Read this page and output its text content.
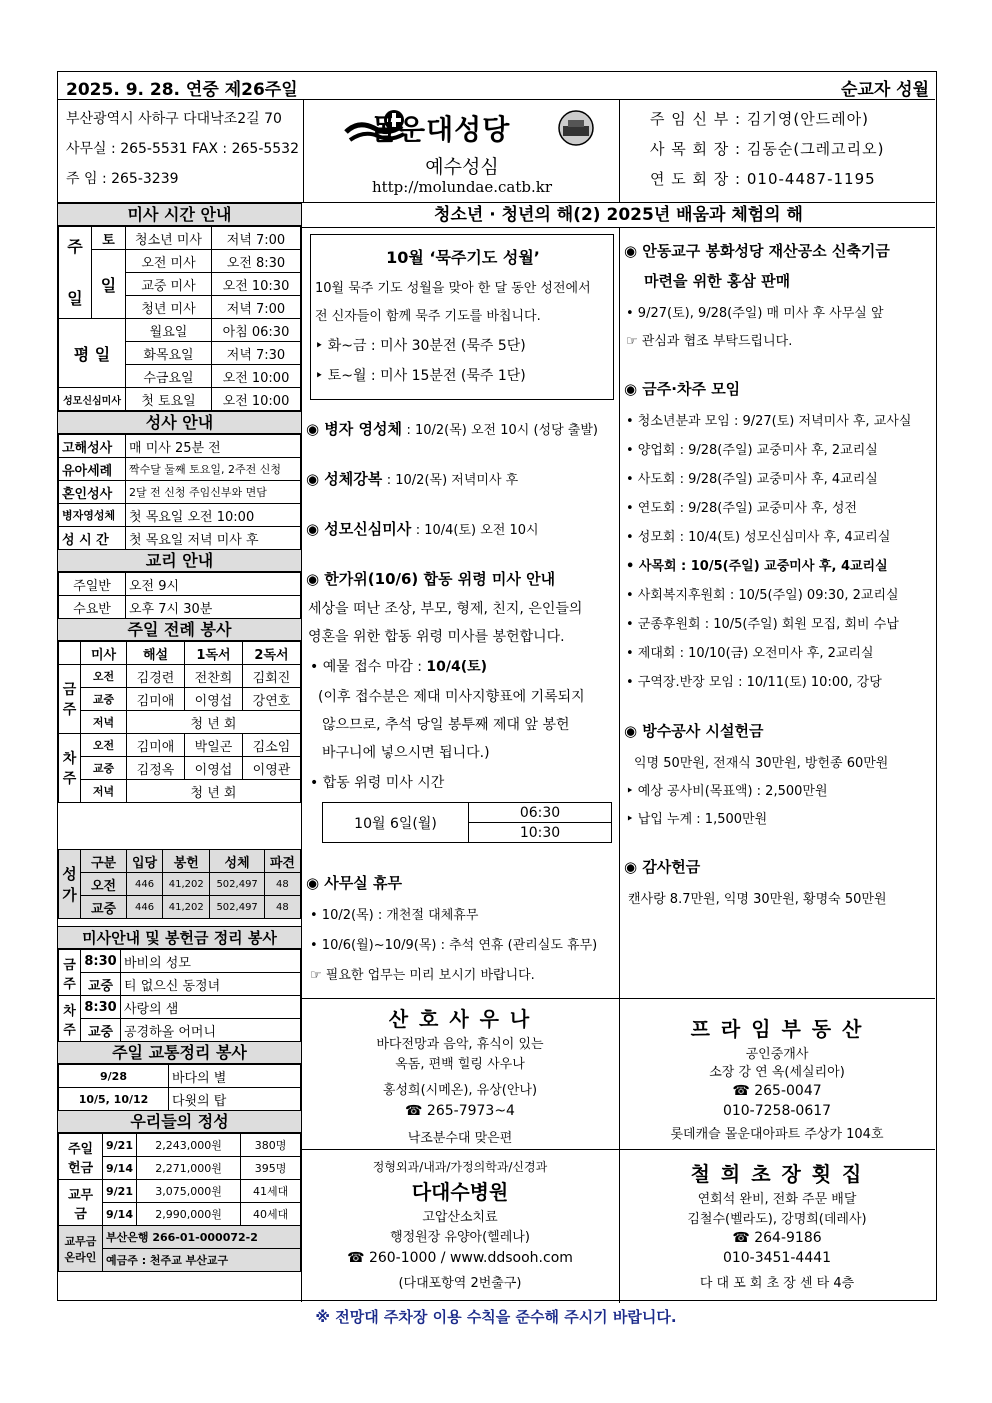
2025. 9. 28. 연중 제26주일	순교자 성월
부산광역시 사하구 다대낙조2길 70
사무실 : 265-5531 FAX : 265-5532
주 임 : 265-3239
몰운대성당
예수성심
http://molundae.catb.kr
주 임 신 부 : 김기영(안드레아)
사 목 회 장 : 김동순(그레고리오)
연 도 회 장 : 010-4487-1195
미사 시간 안내
주

일	토	청소년 미사	저녁 7:00
	일	오전 미사	오전 8:30
		교중 미사	오전 10:30
		청년 미사	저녁 7:00
평 일		월요일	아침 06:30
		화목요일	저녁 7:30
		수금요일	오전 10:00
성모신심미사		첫 토요일	오전 10:00
성사 안내
고해성사	매 미사 25분 전
유아세례	짝수달 둘째 토요일, 2주전 신청
혼인성사	2달 전 신청 주임신부와 면담
병자영성체	첫 목요일 오전 10:00
성 시 간	첫 목요일 저녁 미사 후
교리 안내
주일반	오전 9시
수요반	오후 7시 30분
주일 전례 봉사
	미사	해설	1독서	2독서
금주	오전	김경련	전찬희	김회진
	교중	김미애	이영섭	강연호
	저녁	청 년 회		
차주	오전	김미애	박일곤	김소임
	교중	김정옥	이영섭	이영관
	저녁	청 년 회		
성가	구분	입당	봉헌	성체	파견
	오전	446	41,202	502,497	48
	교중	446	41,202	502,497	48
미사안내 및 봉헌금 정리 봉사
금주	8:30	바비의 성모
	교중	티 없으신 동정녀
차주	8:30	사랑의 샘
	교중	공경하올 어머니
주일 교통정리 봉사
9/28	바다의 별
10/5, 10/12	다윗의 탑
우리들의 정성
주일헌금	9/21	2,243,000원	380명
	9/14	2,271,000원	395명
교무금	9/21	3,075,000원	41세대
	9/14	2,990,000원	40세대
교무금 온라인	부산은행 266-01-000072-2		
	예금주 : 천주교 부산교구		
청소년 · 청년의 해(2) 2025년 배움과 체험의 해
10월 ‘묵주기도 성월’
10월 묵주 기도 성월을 맞아 한 달 동안 성전에서
전 신자들이 함께 묵주 기도를 바칩니다.
‣ 화~금 : 미사 30분전 (묵주 5단)
‣ 토~월 : 미사 15분전 (묵주 1단)
◉ 병자 영성체 : 10/2(목) 오전 10시 (성당 출발)
◉ 성체강복 : 10/2(목) 저녁미사 후
◉ 성모신심미사 : 10/4(토) 오전 10시
◉ 한가위(10/6) 합동 위령 미사 안내
세상을 떠난 조상, 부모, 형제, 친지, 은인들의
영혼을 위한 합동 위령 미사를 봉헌합니다.
• 예물 접수 마감 : 10/4(토)
(이후 접수분은 제대 미사지향표에 기록되지
않으므로, 추석 당일 봉투째 제대 앞 봉헌
바구니에 넣으시면 됩니다.)
• 합동 위령 미사 시간
10월 6일(월)	06:30
10:30
◉ 사무실 휴무
• 10/2(목) : 개천절 대체휴무
• 10/6(월)~10/9(목) : 추석 연휴 (관리실도 휴무)
☞ 필요한 업무는 미리 보시기 바랍니다.
◉ 안동교구 봉화성당 재산공소 신축기금
마련을 위한 홍삼 판매
• 9/27(토), 9/28(주일) 매 미사 후 사무실 앞
☞ 관심과 협조 부탁드립니다.
◉ 금주·차주 모임
• 청소년분과 모임 : 9/27(토) 저녁미사 후, 교사실
• 양업회 : 9/28(주일) 교중미사 후, 2교리실
• 사도회 : 9/28(주일) 교중미사 후, 4교리실
• 연도회 : 9/28(주일) 교중미사 후, 성전
• 성모회 : 10/4(토) 성모신심미사 후, 4교리실
• 사목회 : 10/5(주일) 교중미사 후, 4교리실
• 사회복지후원회 : 10/5(주일) 09:30, 2교리실
• 군종후원회 : 10/5(주일) 회원 모집, 회비 수납
• 제대회 : 10/10(금) 오전미사 후, 2교리실
• 구역장.반장 모임 : 10/11(토) 10:00, 강당
◉ 방수공사 시설헌금
익명 50만원, 전재식 30만원, 방헌종 60만원
‣ 예상 공사비(목표액) : 2,500만원
‣ 납입 누계 : 1,500만원
◉ 감사헌금
캔사랑 8.7만원, 익명 30만원, 황명숙 50만원
산 호 사 우 나
바다전망과 음악, 휴식이 있는
옥돔, 편백 힐링 사우나
홍성희(시메온), 유상(안나)
☎ 265-7973~4
낙조분수대 맞은편
프 라 임 부 동 산
공인중개사
소장 강 연 옥(세실리아)
☎ 265-0047
010-7258-0617
롯데캐슬 몰운대아파트 주상가 104호
정형외과/내과/가정의학과/신경과
다대수병원
고압산소치료
행정원장 유양아(헬레나)
☎ 260-1000 / www.ddsooh.com
(다대포항역 2번출구)
철 희 초 장 횟 집
연회석 완비, 전화 주문 배달
김철수(벨라도), 강명희(데레사)
☎ 264-9186
010-3451-4441
다 대 포 회 초 장 센 타 4층
※ 전망대 주차장 이용 수칙을 준수해 주시기 바랍니다.
